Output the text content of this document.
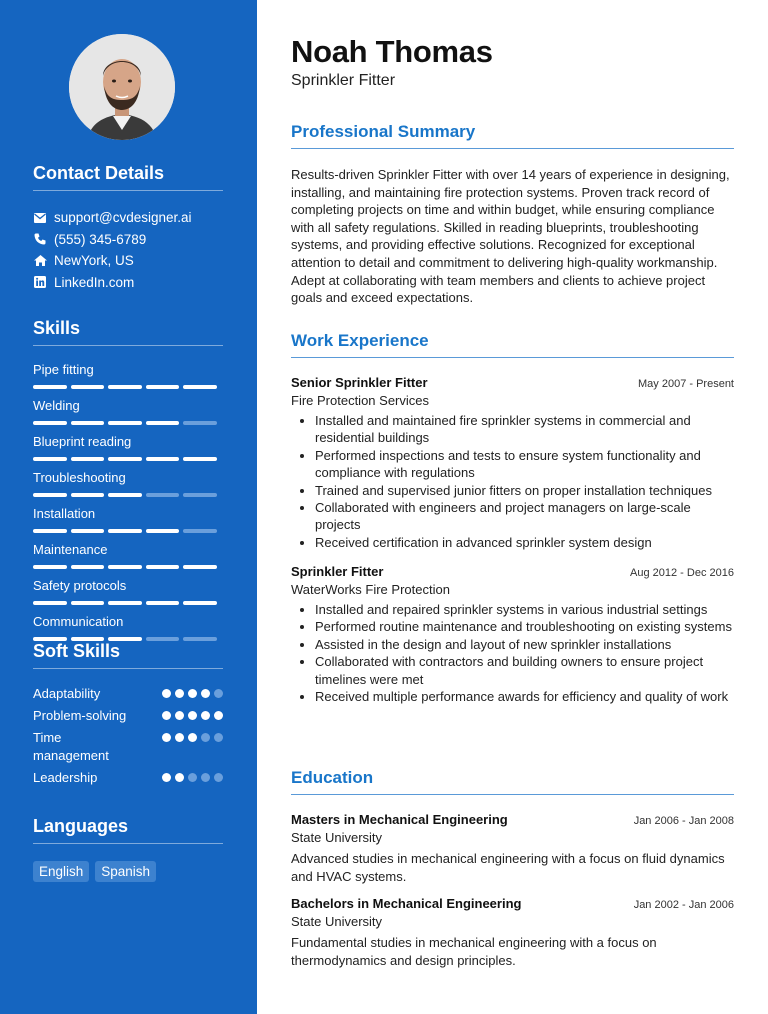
Contact Details
support@cvdesigner.ai
(555) 345-6789
NewYork, US
LinkedIn.com
Skills
Pipe fitting
Welding
Blueprint reading
Troubleshooting
Installation
Maintenance
Safety protocols
Communication
Soft Skills
Adaptability
Problem-solving
Time management
Leadership
Languages
English	Spanish
Noah Thomas
Sprinkler Fitter
Professional Summary

Results-driven Sprinkler Fitter with over 14 years of experience in designing, installing, and maintaining fire protection systems. Proven track record of completing projects on time and within budget, while ensuring compliance with all safety regulations. Skilled in reading blueprints, troubleshooting systems, and providing effective solutions. Recognized for exceptional attention to detail and commitment to delivering high-quality workmanship. Adept at collaborating with team members and clients to achieve project goals and exceed expectations.

Work Experience
Senior Sprinkler Fitter	May 2007 - Present
Fire Protection Services
• Installed and maintained fire sprinkler systems in commercial and residential buildings
• Performed inspections and tests to ensure system functionality and compliance with regulations
• Trained and supervised junior fitters on proper installation techniques
• Collaborated with engineers and project managers on large-scale projects
• Received certification in advanced sprinkler system design
Sprinkler Fitter	Aug 2012 - Dec 2016
WaterWorks Fire Protection
• Installed and repaired sprinkler systems in various industrial settings
• Performed routine maintenance and troubleshooting on existing systems
• Assisted in the design and layout of new sprinkler installations
• Collaborated with contractors and building owners to ensure project timelines were met
• Received multiple performance awards for efficiency and quality of work
Education
Masters in Mechanical Engineering	Jan 2006 - Jan 2008
State University
Advanced studies in mechanical engineering with a focus on fluid dynamics and HVAC systems.
Bachelors in Mechanical Engineering	Jan 2002 - Jan 2006
State University
Fundamental studies in mechanical engineering with a focus on thermodynamics and design principles.
